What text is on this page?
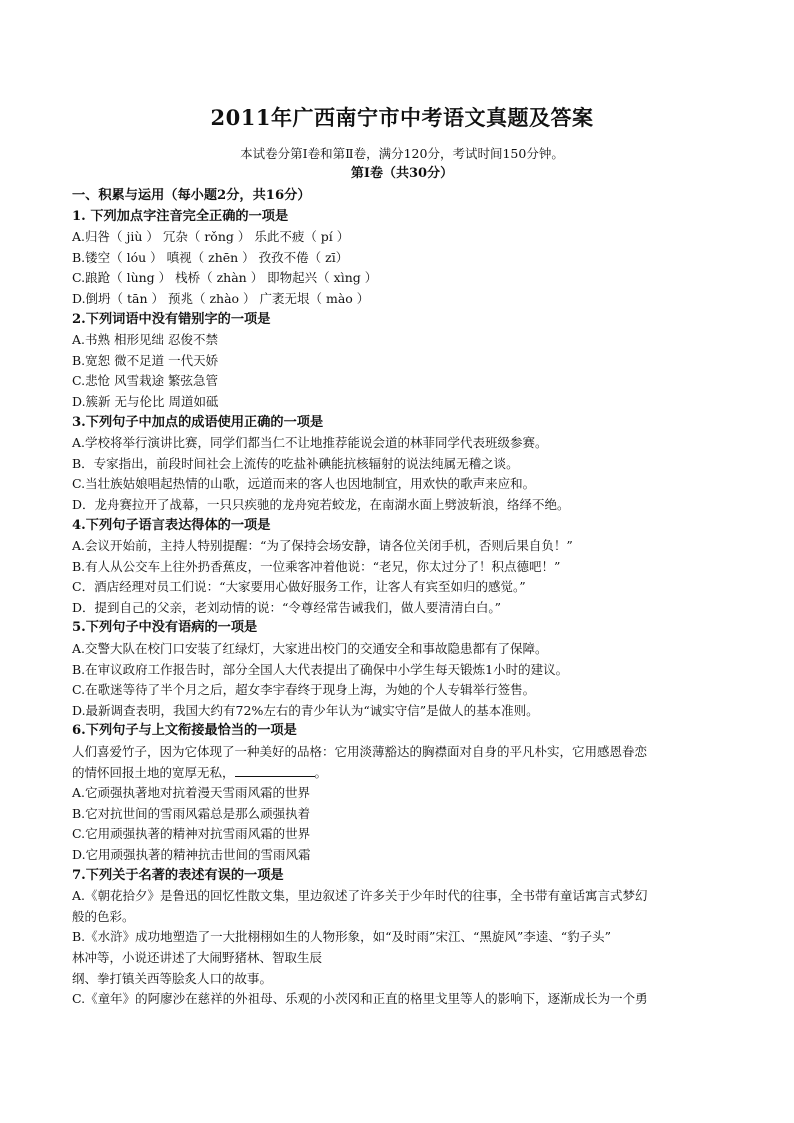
2011年广西南宁市中考语文真题及答案
本试卷分第Ⅰ卷和第Ⅱ卷，满分120分，考试时间150分钟。
第Ⅰ卷（共30分）
一、积累与运用（每小题2分，共16分）
1. 下列加点字注音完全正确的一项是
A.归咎（ jiù ） 冗杂（ rǒng ） 乐此不疲（ pí ）
B.镂空（ lóu ） 嗔视（ zhēn ） 孜孜不倦（ zī）
C.踉跄（ lùng ） 栈桥（ zhàn ） 即物起兴（ xìng ）
D.倒坍（ tān ） 预兆（ zhào ） 广袤无垠（ mào ）
2.下列词语中没有错别字的一项是
A.书熟 相形见绌 忍俊不禁
B.宽恕 微不足道 一代天娇
C.悲怆 风雪栽途 繁弦急管
D.簇新 无与伦比 周道如砥
3.下列句子中加点的成语使用正确的一项是
A.学校将举行演讲比赛，同学们都当仁不让地推荐能说会道的林菲同学代表班级参赛。
B．专家指出，前段时间社会上流传的吃盐补碘能抗核辐射的说法纯属无稽之谈。
C.当壮族姑娘唱起热情的山歌，远道而来的客人也因地制宜，用欢快的歌声来应和。
D．龙舟赛拉开了战幕，一只只疾驰的龙舟宛若蛟龙，在南湖水面上劈波斩浪，络绎不绝。
4.下列句子语言表达得体的一项是
A.会议开始前，主持人特别提醒：“为了保持会场安静，请各位关闭手机，否则后果自负！”
B.有人从公交车上往外扔香蕉皮，一位乘客冲着他说：“老兄，你太过分了！积点德吧！”
C．酒店经理对员工们说：“大家要用心做好服务工作，让客人有宾至如归的感觉。”
D．提到自己的父亲，老刘动情的说：“令尊经常告诫我们，做人要清清白白。”
5.下列句子中没有语病的一项是
A.交警大队在校门口安装了红绿灯，大家进出校门的交通安全和事故隐患都有了保障。
B.在审议政府工作报告时，部分全国人大代表提出了确保中小学生每天锻炼1小时的建议。
C.在歌迷等待了半个月之后，超女李宇春终于现身上海，为她的个人专辑举行签售。
D.最新调查表明，我国大约有72%左右的青少年认为“诚实守信”是做人的基本准则。
6.下列句子与上文衔接最恰当的一项是
人们喜爱竹子，因为它体现了一种美好的品格：它用淡薄豁达的胸襟面对自身的平凡朴实，它用感恩眷恋
的情怀回报土地的宽厚无私，	。
A.它顽强执著地对抗着漫天雪雨风霜的世界
B.它对抗世间的雪雨风霜总是那么顽强执着
C.它用顽强执著的精神对抗雪雨风霜的世界
D.它用顽强执著的精神抗击世间的雪雨风霜
7.下列关于名著的表述有误的一项是
A.《朝花拾夕》是鲁迅的回忆性散文集，里边叙述了许多关于少年时代的往事，全书带有童话寓言式梦幻
般的色彩。
B.《水浒》成功地塑造了一大批栩栩如生的人物形象，如“及时雨”宋江、“黑旋风”李逵、“豹子头”
林冲等，小说还讲述了大闹野猪林、智取生辰
纲、拳打镇关西等脍炙人口的故事。
C.《童年》的阿廖沙在慈祥的外祖母、乐观的小茨冈和正直的格里戈里等人的影响下，逐渐成长为一个勇
